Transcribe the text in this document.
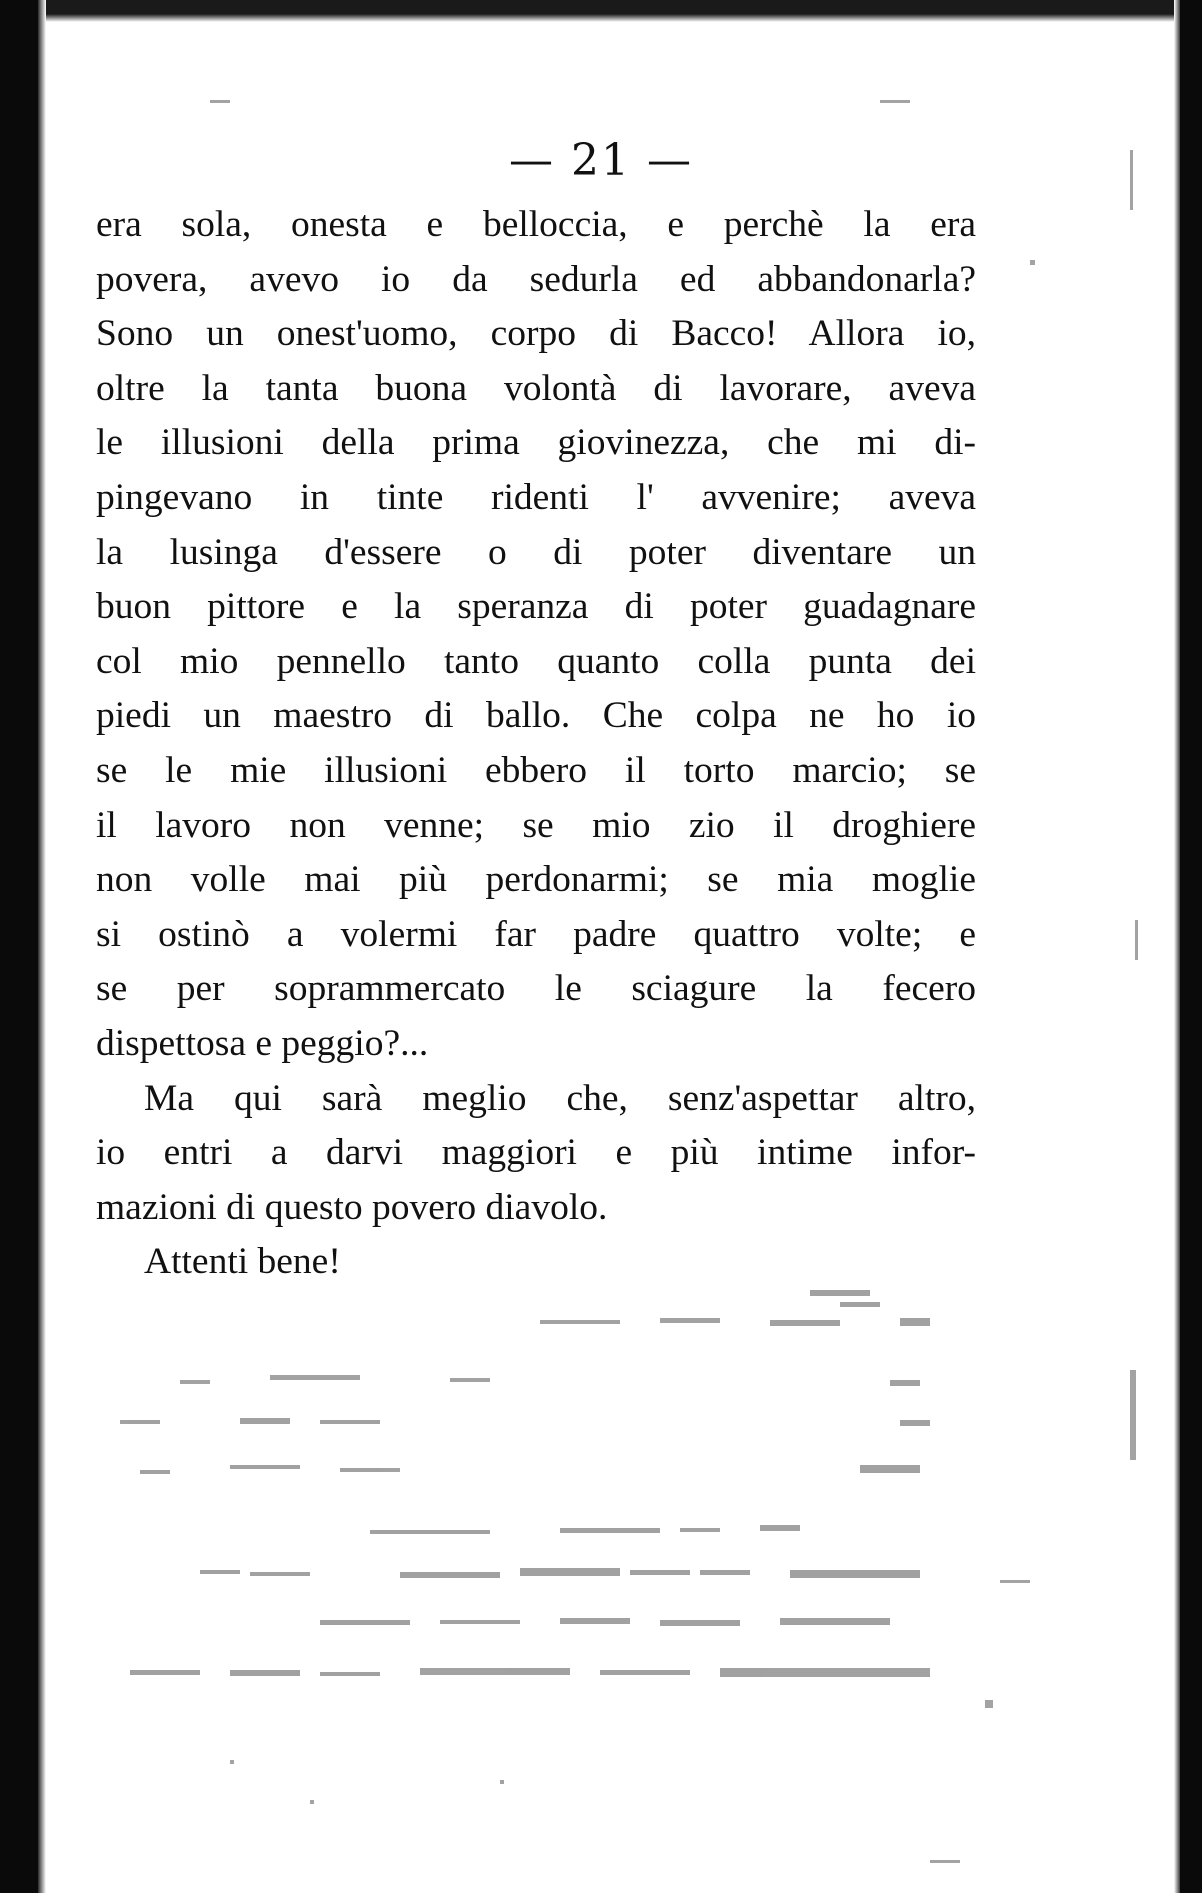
— 21 —
era sola, onesta e belloccia, e perchè la era
povera, avevo io da sedurla ed abbandonarla?
Sono un onest'uomo, corpo di Bacco! Allora io,
oltre la tanta buona volontà di lavorare, aveva
le illusioni della prima giovinezza, che mi di-
pingevano in tinte ridenti l' avvenire; aveva
la lusinga d'essere o di poter diventare un
buon pittore e la speranza di poter guadagnare
col mio pennello tanto quanto colla punta dei
piedi un maestro di ballo. Che colpa ne ho io
se le mie illusioni ebbero il torto marcio; se
il lavoro non venne; se mio zio il droghiere
non volle mai più perdonarmi; se mia moglie
si ostinò a volermi far padre quattro volte; e
se per soprammercato le sciagure la fecero
dispettosa e peggio?...
Ma qui sarà meglio che, senz'aspettar altro,
io entri a darvi maggiori e più intime infor-
mazioni di questo povero diavolo.
Attenti bene!
